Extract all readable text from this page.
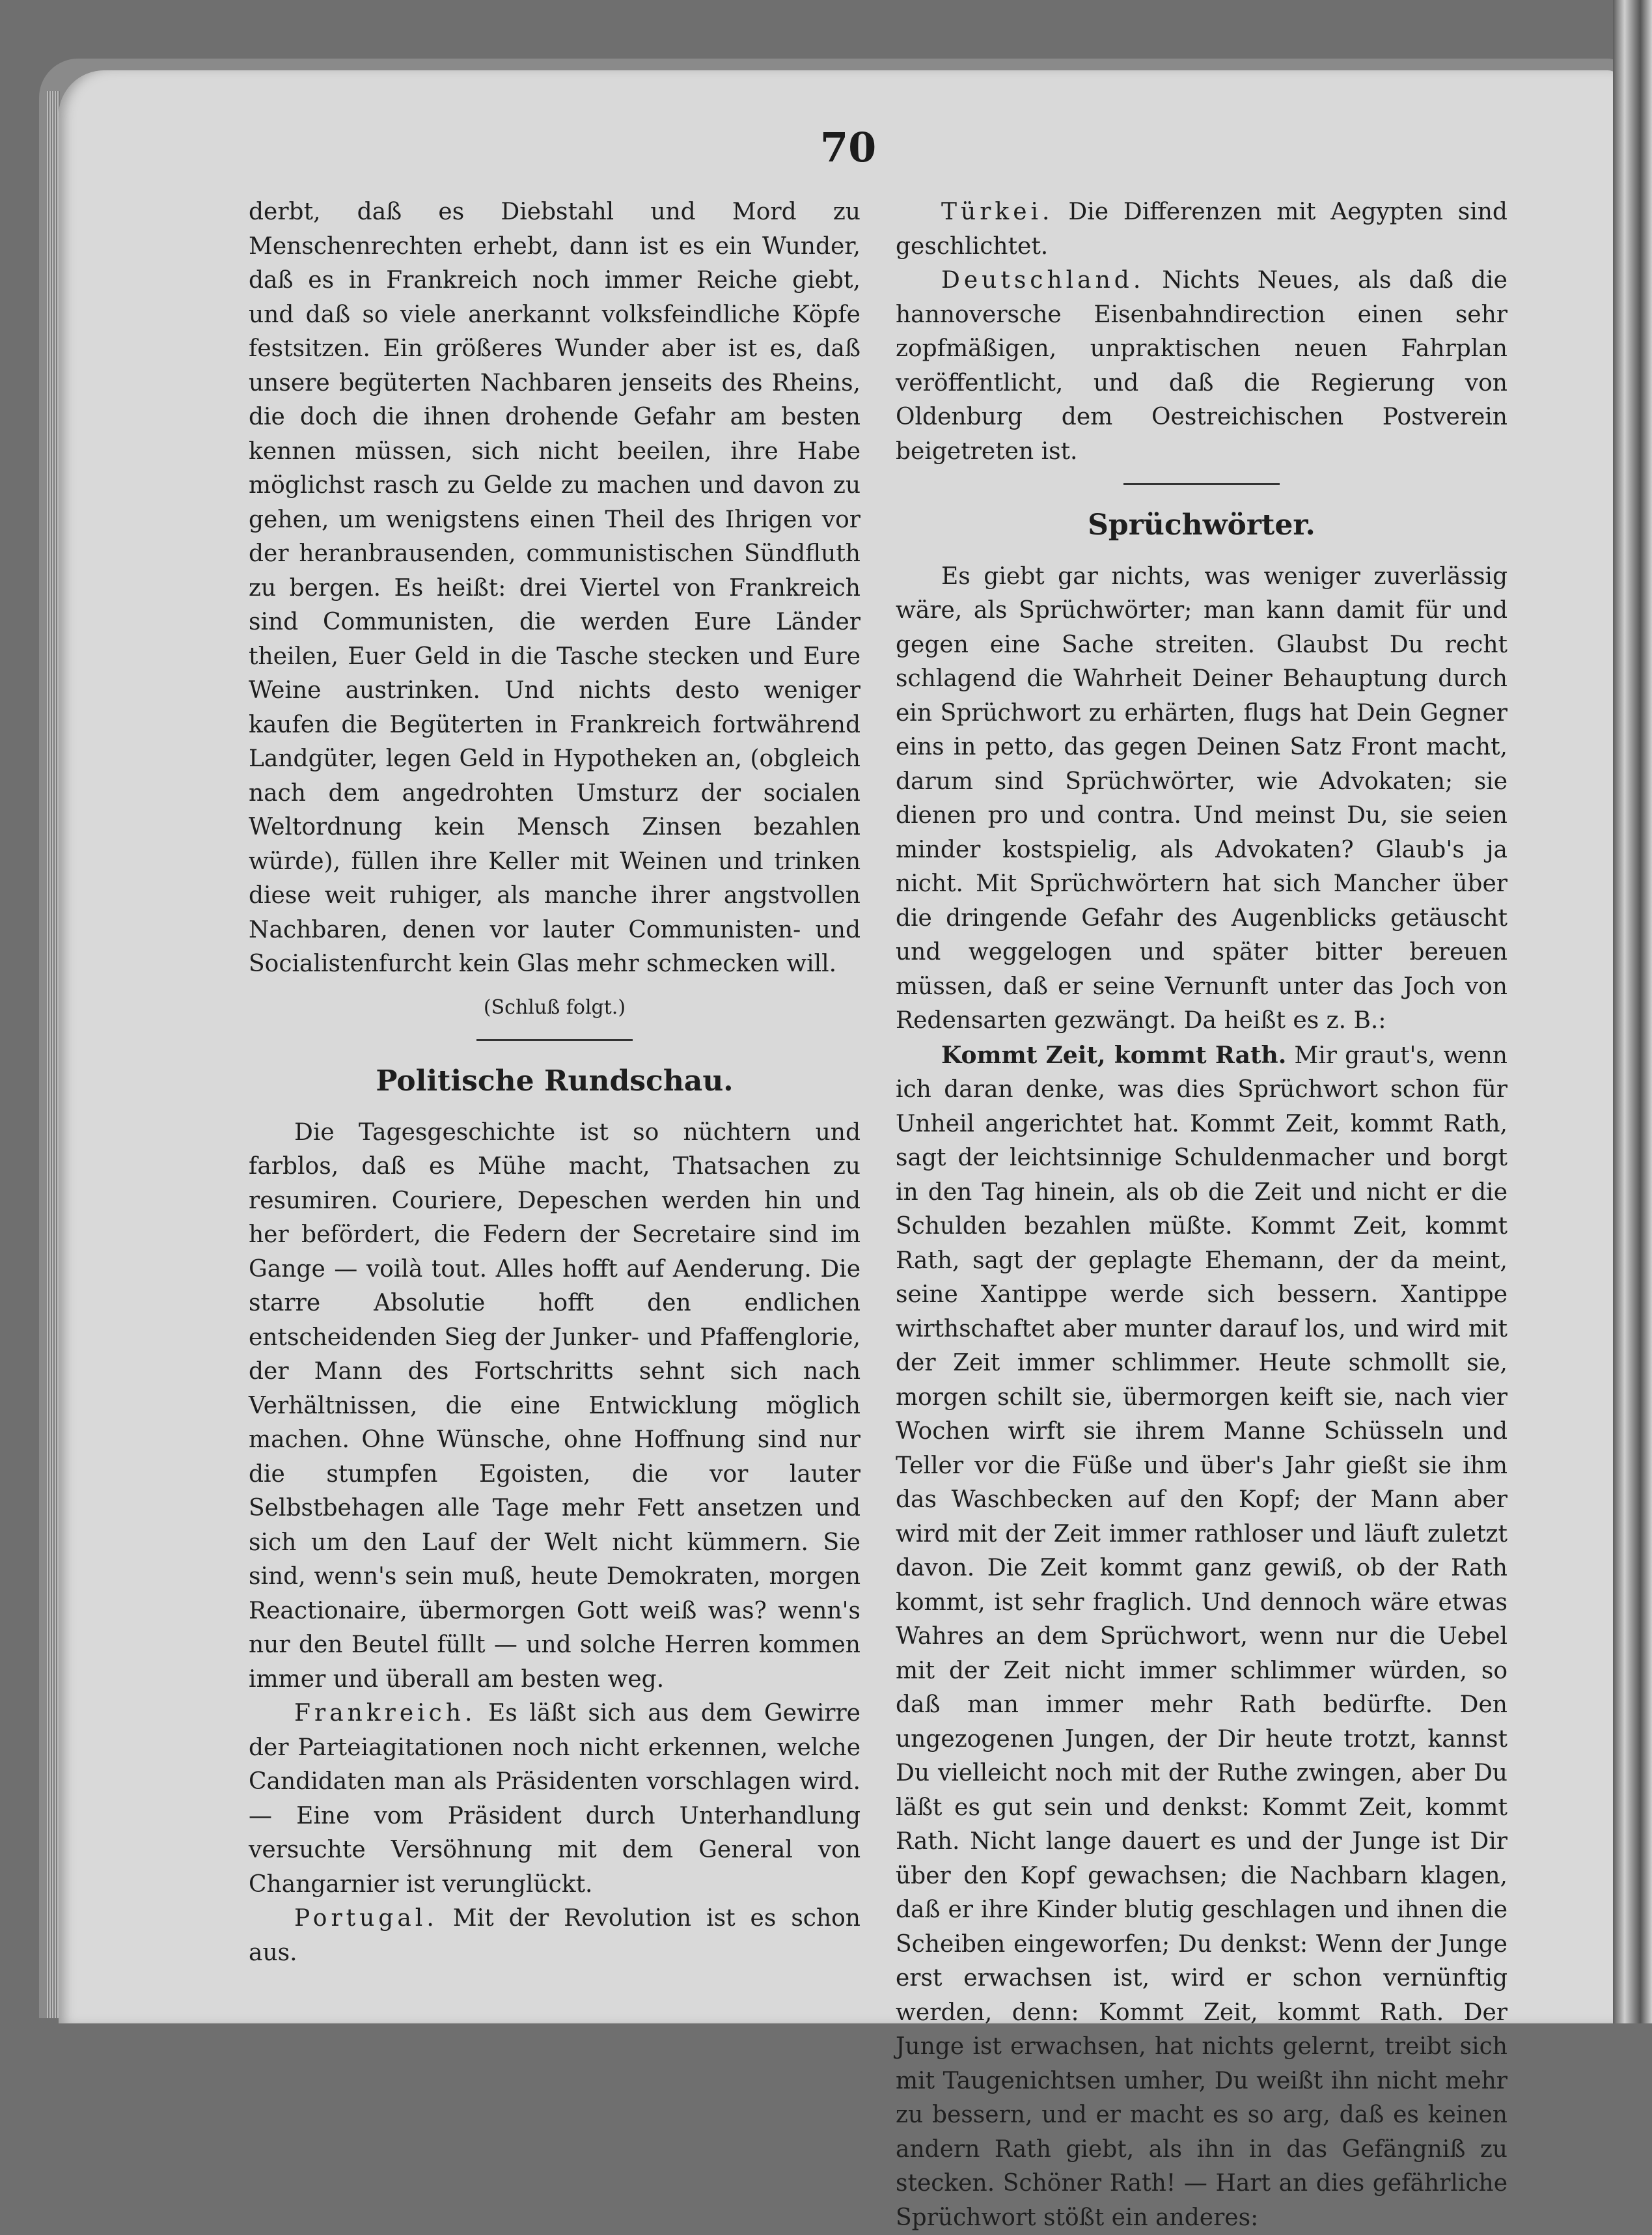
70

derbt, daß es Diebstahl und Mord zu Menschenrechten erhebt, dann ist es ein Wunder, daß es in Frankreich noch immer Reiche giebt, und daß so viele anerkannt volksfeindliche Köpfe festsitzen. Ein größeres Wunder aber ist es, daß unsere begüterten Nachbaren jenseits des Rheins, die doch die ihnen drohende Gefahr am besten kennen müssen, sich nicht beeilen, ihre Habe möglichst rasch zu Gelde zu machen und davon zu gehen, um wenigstens einen Theil des Ihrigen vor der heranbrausenden, communistischen Sündfluth zu bergen. Es heißt: drei Viertel von Frankreich sind Communisten, die werden Eure Länder theilen, Euer Geld in die Tasche stecken und Eure Weine austrinken. Und nichts desto weniger kaufen die Begüterten in Frankreich fortwährend Landgüter, legen Geld in Hypotheken an, (obgleich nach dem angedrohten Umsturz der socialen Weltordnung kein Mensch Zinsen bezahlen würde), füllen ihre Keller mit Weinen und trinken diese weit ruhiger, als manche ihrer angstvollen Nachbaren, denen vor lauter Communisten- und Socialistenfurcht kein Glas mehr schmecken will.

(Schluß folgt.)
Politische Rundschau.

Die Tagesgeschichte ist so nüchtern und farblos, daß es Mühe macht, Thatsachen zu resumiren. Couriere, Depeschen werden hin und her befördert, die Federn der Secretaire sind im Gange — voilà tout. Alles hofft auf Aenderung. Die starre Absolutie hofft den endlichen entscheidenden Sieg der Junker- und Pfaffenglorie, der Mann des Fortschritts sehnt sich nach Verhältnissen, die eine Entwicklung möglich machen. Ohne Wünsche, ohne Hoffnung sind nur die stumpfen Egoisten, die vor lauter Selbstbehagen alle Tage mehr Fett ansetzen und sich um den Lauf der Welt nicht kümmern. Sie sind, wenn's sein muß, heute Demokraten, morgen Reactionaire, übermorgen Gott weiß was? wenn's nur den Beutel füllt — und solche Herren kommen immer und überall am besten weg.

Frankreich. Es läßt sich aus dem Gewirre der Parteiagitationen noch nicht erkennen, welche Candidaten man als Präsidenten vorschlagen wird. — Eine vom Präsident durch Unterhandlung versuchte Versöhnung mit dem General von Changarnier ist verunglückt.

Portugal. Mit der Revolution ist es schon aus.

Türkei. Die Differenzen mit Aegypten sind geschlichtet.

Deutschland. Nichts Neues, als daß die hannoversche Eisenbahndirection einen sehr zopfmäßigen, unpraktischen neuen Fahrplan veröffentlicht, und daß die Regierung von Oldenburg dem Oestreichischen Postverein beigetreten ist.

Sprüchwörter.

Es giebt gar nichts, was weniger zuverlässig wäre, als Sprüchwörter; man kann damit für und gegen eine Sache streiten. Glaubst Du recht schlagend die Wahrheit Deiner Behauptung durch ein Sprüchwort zu erhärten, flugs hat Dein Gegner eins in petto, das gegen Deinen Satz Front macht, darum sind Sprüchwörter, wie Advokaten; sie dienen pro und contra. Und meinst Du, sie seien minder kostspielig, als Advokaten? Glaub's ja nicht. Mit Sprüchwörtern hat sich Mancher über die dringende Gefahr des Augenblicks getäuscht und weggelogen und später bitter bereuen müssen, daß er seine Vernunft unter das Joch von Redensarten gezwängt. Da heißt es z. B.:

Kommt Zeit, kommt Rath. Mir graut's, wenn ich daran denke, was dies Sprüchwort schon für Unheil angerichtet hat. Kommt Zeit, kommt Rath, sagt der leichtsinnige Schuldenmacher und borgt in den Tag hinein, als ob die Zeit und nicht er die Schulden bezahlen müßte. Kommt Zeit, kommt Rath, sagt der geplagte Ehemann, der da meint, seine Xantippe werde sich bessern. Xantippe wirthschaftet aber munter darauf los, und wird mit der Zeit immer schlimmer. Heute schmollt sie, morgen schilt sie, übermorgen keift sie, nach vier Wochen wirft sie ihrem Manne Schüsseln und Teller vor die Füße und über's Jahr gießt sie ihm das Waschbecken auf den Kopf; der Mann aber wird mit der Zeit immer rathloser und läuft zuletzt davon. Die Zeit kommt ganz gewiß, ob der Rath kommt, ist sehr fraglich. Und dennoch wäre etwas Wahres an dem Sprüchwort, wenn nur die Uebel mit der Zeit nicht immer schlimmer würden, so daß man immer mehr Rath bedürfte. Den ungezogenen Jungen, der Dir heute trotzt, kannst Du vielleicht noch mit der Ruthe zwingen, aber Du läßt es gut sein und denkst: Kommt Zeit, kommt Rath. Nicht lange dauert es und der Junge ist Dir über den Kopf gewachsen; die Nachbarn klagen, daß er ihre Kinder blutig geschlagen und ihnen die Scheiben eingeworfen; Du denkst: Wenn der Junge erst erwachsen ist, wird er schon vernünftig werden, denn: Kommt Zeit, kommt Rath. Der Junge ist erwachsen, hat nichts gelernt, treibt sich mit Taugenichtsen umher, Du weißt ihn nicht mehr zu bessern, und er macht es so arg, daß es keinen andern Rath giebt, als ihn in das Gefängniß zu stecken. Schöner Rath! — Hart an dies gefährliche Sprüchwort stößt ein anderes:
